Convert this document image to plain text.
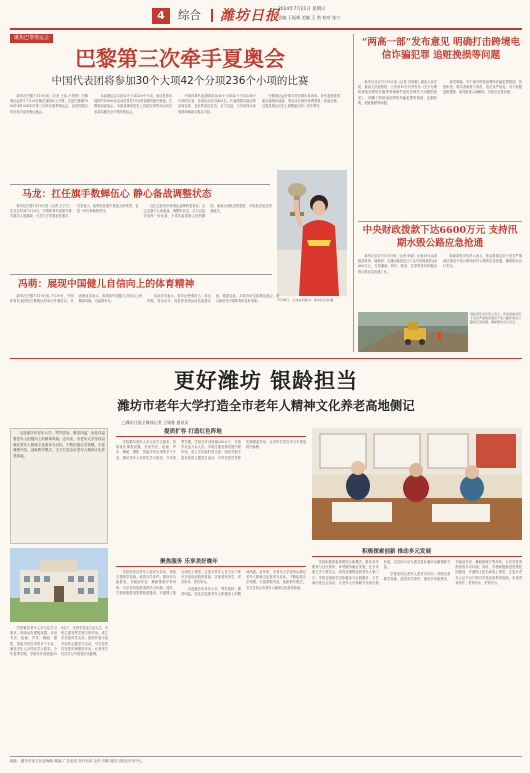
4	综合 潍坊日报
2024年7月21日 星期日
责编 王振顿 美编 王 然 校对 张宁
聚焦巴黎奥运会
巴黎第三次牵手夏奥会
中国代表团将参加30个大项42个分项236个小项的比赛

新华社巴黎7月19日电（记者 王浩 卢羡婷）巴黎奥运会将于7月26日晚在塞纳河上开幕，这是巴黎继1900年和1924年后第三次举办夏季奥运会，也是时隔百年后再次迎来奥运盛会。

本届奥运会共设32个大项329个小项，来自世界各地的约10500名运动员将在19天的赛期内展开角逐。巴黎奥组委表示，本届赛事将是史上首届实现男女运动员参赛名额完全平等的奥运会。

中国体育代表团将参加30个大项42个分项236个小项的比赛，参赛运动员共405名。代表团将以端正的参赛态度、良好的竞技状态，全力以赴，力争取得运动成绩和精神文明双丰收。

巴黎奥运会开幕式首次移出体育场，各代表团将乘船沿塞纳河巡游，观众可在两岸免费观看。组委会称，这将是奥运历史上规模最大的一次开幕式。

马龙：扛任旗手数蝉伍心 静心备战调整状态

新华社巴黎7月19日电（记者 王子江）在北京时间7月20日，中国体育代表团开幕式旗手人选揭晓，马龙与王昊将担任旗手。马龙表示，能够担任旗手是莫大的荣誉，也是一份沉甸甸的责任。

这位已获得多枚奥运金牌的老将说，自己会静下心来备战，调整好状态，全力以赴完成每一场比赛，不辜负祖国和人民的期待。他表示团队氛围很好，年轻队员也在快速成长。

冯萌：展现中国健儿自信向上的体育精神

新华社巴黎7月19日电 7月19日，中国体育代表团在巴黎奥运村举行升旗仪式。代表团成员表示，将展现中国健儿自信向上的精神风貌，为祖国争光。

运动员们表示，将牢记使命担当，赛出风格、赛出水平，同世界各国运动员加强交流、增进友谊，共同办好这届奥运盛会，展示新时代中国体育的良好形象。	7月18日，马龙在训练中。新华社记者 摄
“两高一部”发布意见 明确打击跨境电信诈骗犯罪 追赃挽损等问题

新华社北京7月19日电（记者 冯家顺）最高人民法院、最高人民检察院、公安部19日对外发布《关于办理跨境电信网络诈骗等刑事案件适用法律若干问题的意见》，明确了跨境电信网络诈骗犯罪的管辖、证据收集、追赃挽损等问题。

意见明确，对于境外的电信网络诈骗犯罪集团，其组织者、领导者和骨干成员，依法从严惩处。对于积极退赃退赔、取得被害人谅解的，可依法从宽处理。

中央财政拨款下达6600万元 支持汛期水毁公路应急抢通

新华社北京7月19日电（记者 申铖）记者19日从财政部获悉，财政部、交通运输部近日下达中央财政资金6600万元，支持湖南、四川、陕西、甘肃等省份汛期水毁公路应急抢通工作。

财政部有关负责人表示，资金将重点用于受灾严重地区国省干线公路和农村公路的应急抢通，确保群众出行安全。

财政部有关负责人表示，资金将重点用于受灾严重地区国省干线公路和农村公路的应急抢通，确保群众出行安全。
更好潍坊 银龄担当
潍坊市老年大学打造全市老年人精神文化养老高地侧记
□潍坊日报全媒体记者 王瑞雅 通讯员

走进潍坊市老年大学，琴声悠扬、墨香四溢，处处洋溢着老年人积极向上的精神风貌。近年来，市老年大学坚持以满足老年人精神文化需求为目标，不断拓展办学规模，丰富课程内容，创新教学模式，全力打造全市老年人精神文化养老高地。

提质扩容 打造红色阵地

学校紧扣老年人多元化学习需求，持续优化课程设置，开设书法、绘画、声乐、舞蹈、摄影、智能手机应用等多个专业，满足老年人多样化学习需求。今年春季学期，学校共开设班级200余个，在校学员达万余人次。学校注重发挥党建引领作用，成立学员临时党支部，组织开展丰富多彩的主题党日活动，引导老党员发挥先锋模范作用，让老年学员在学习中感受时代脉搏。

聚焦服务 乐享美好晚年

学校坚持以老年人需求为导向，持续完善教学设施，改善办学条件，建设多功能教室、书画创作室、舞蹈排练厅等场所，为学员营造舒适的学习环境。同时，学校积极推进智慧校园建设，开通网上报名和线上课堂，让更多老年人足不出户即可享受优质教育资源，实现老有所学、老有所乐、老有所为。

走进潍坊市老年大学，琴声悠扬、墨香四溢，处处洋溢着老年人积极向上的精神风貌。近年来，市老年大学坚持以满足老年人精神文化需求为目标，不断拓展办学规模，丰富课程内容，创新教学模式，全力打造全市老年人精神文化养老高地。

学校紧扣老年人多元化学习需求，持续优化课程设置，开设书法、绘画、声乐、舞蹈、摄影、智能手机应用等多个专业，满足老年人多样化学习需求。今年春季学期，学校共开设班级200余个，在校学员达万余人次。学校注重发挥党建引领作用，成立学员临时党支部，组织开展丰富多彩的主题党日活动，引导老党员发挥先锋模范作用，让老年学员在学习中感受时代脉搏。

积极探索创新 推动多元发展

学校积极探索养教结合新模式，推动老年教育与社区教育、养老服务融合发展，在全市建立多个教学点，将优质课程送到老年人家门口。学校还组织学员积极参与志愿服务、文艺演出等社会活动，让老年人在奉献中实现自我价值，以实际行动为建设更好潍坊贡献银龄力量。

学校坚持以老年人需求为导向，持续完善教学设施，改善办学条件，建设多功能教室、书画创作室、舞蹈排练厅等场所，为学员营造舒适的学习环境。同时，学校积极推进智慧校园建设，开通网上报名和线上课堂，让更多老年人足不出户即可享受优质教育资源，实现老有所学、老有所乐、老有所为。

地址：潍坊市奎文区北海路 邮编 广告电话 发行电话 定价 印刷 潍坊日报社印务中心
